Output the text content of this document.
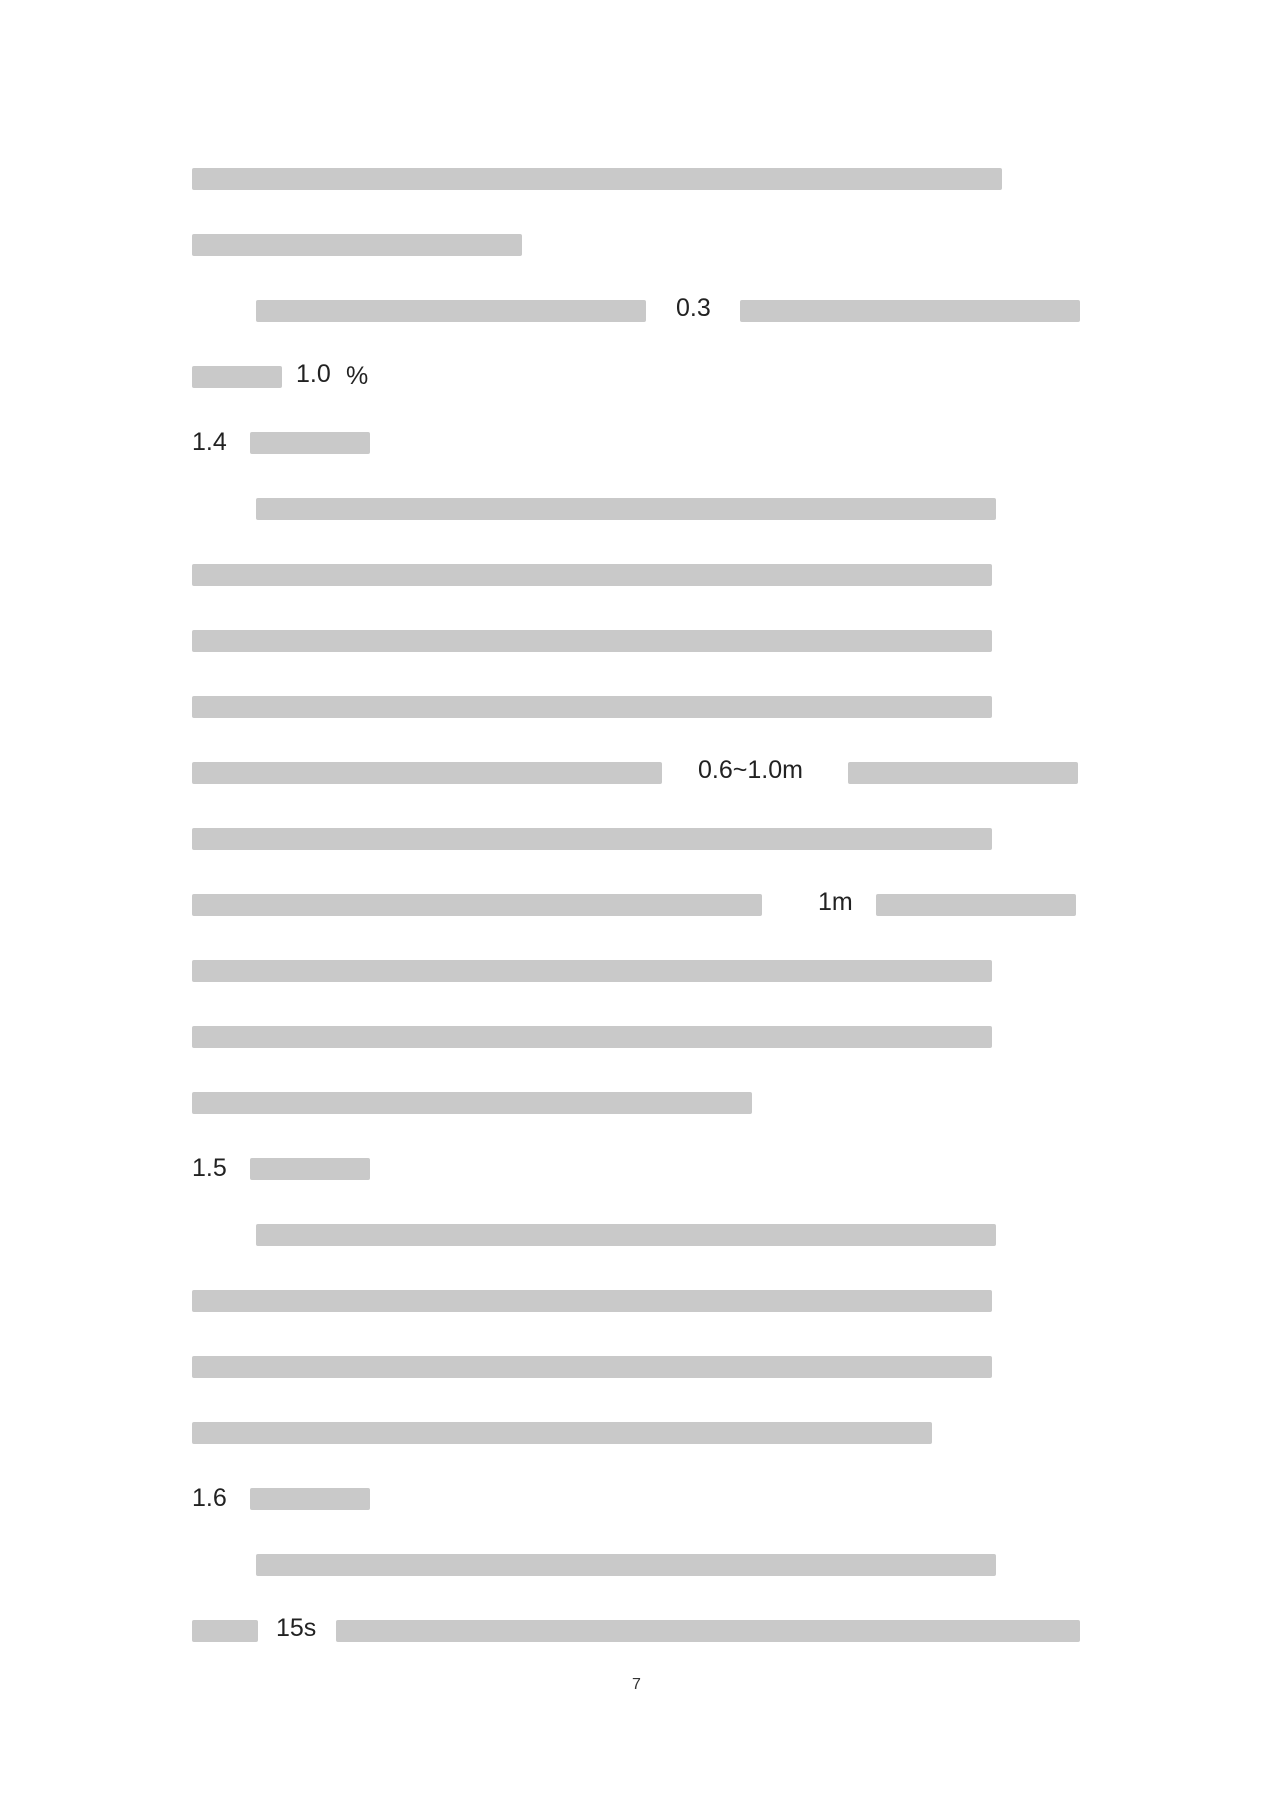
1.4
1.5
1.6
0.3
1.0 %
0.6~1.0m
1m
15s
7
